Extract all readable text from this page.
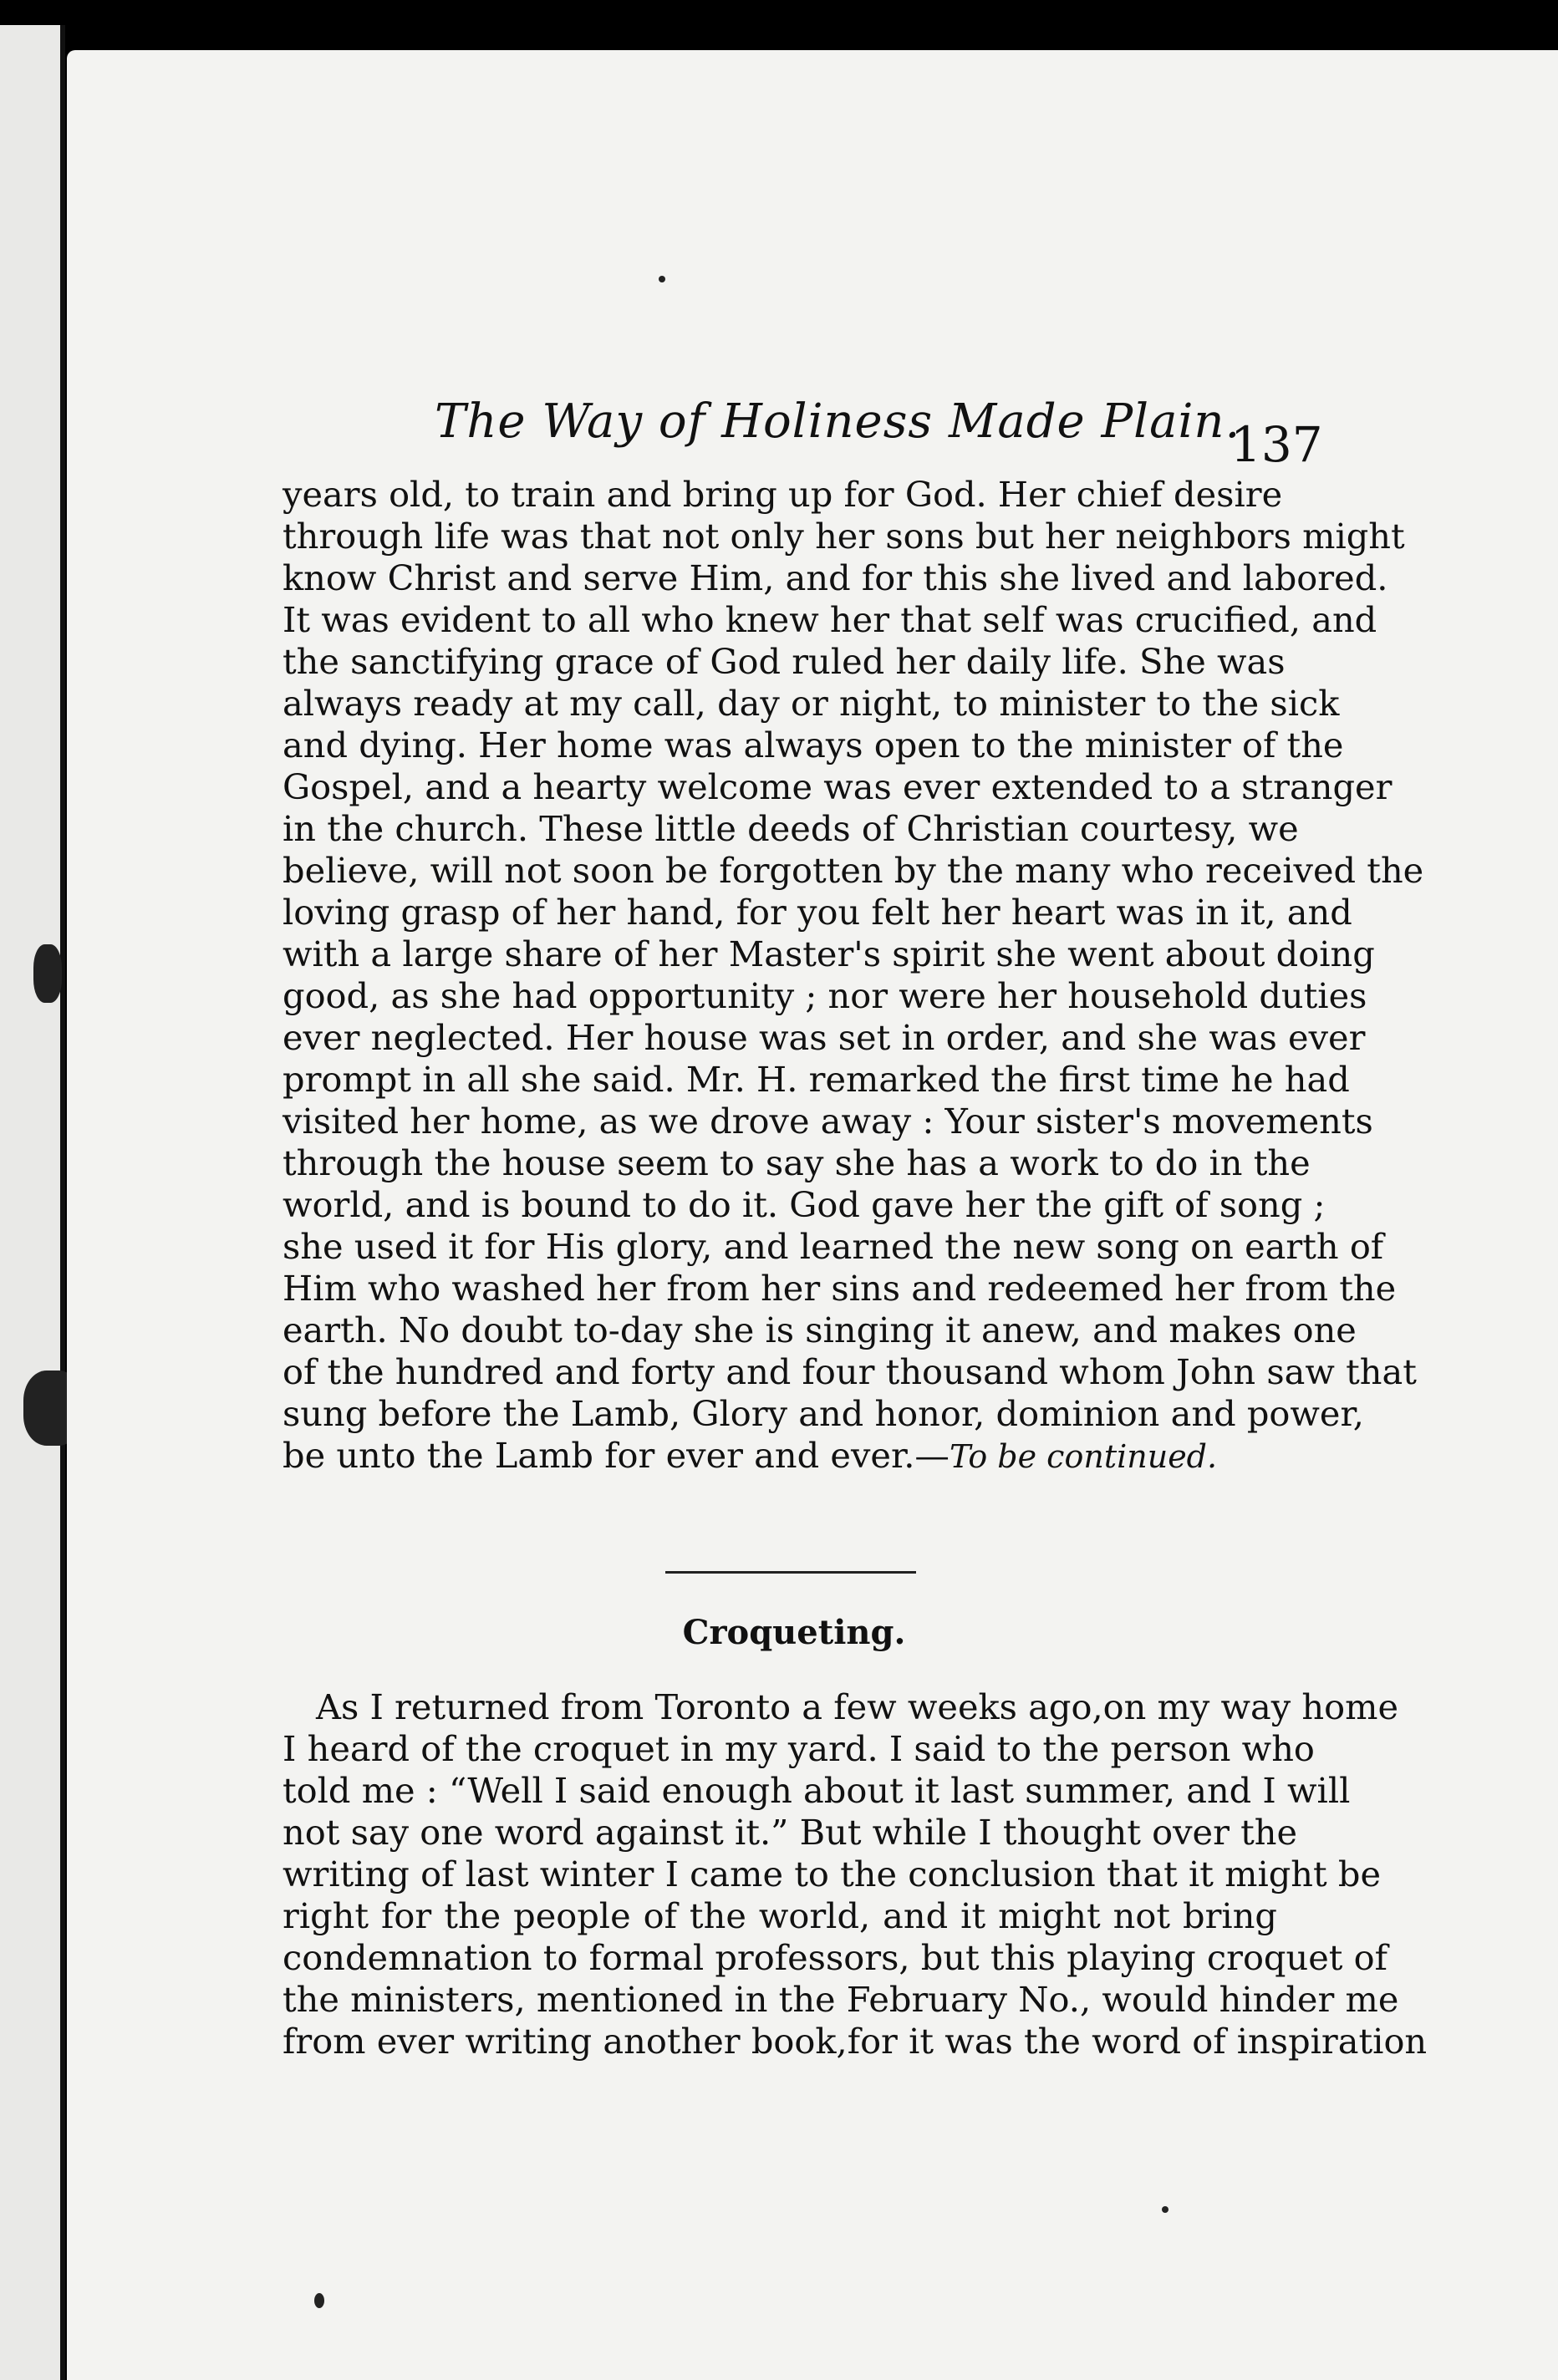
The Way of Holiness Made Plain.
137
years old, to train and bring up for God. Her chief desire
through life was that not only her sons but her neighbors might
know Christ and serve Him, and for this she lived and labored.
It was evident to all who knew her that self was crucified, and
the sanctifying grace of God ruled her daily life. She was
always ready at my call, day or night, to minister to the sick
and dying. Her home was always open to the minister of the
Gospel, and a hearty welcome was ever extended to a stranger
in the church. These little deeds of Christian courtesy, we
believe, will not soon be forgotten by the many who received the
loving grasp of her hand, for you felt her heart was in it, and
with a large share of her Master's spirit she went about doing
good, as she had opportunity ; nor were her household duties
ever neglected. Her house was set in order, and she was ever
prompt in all she said. Mr. H. remarked the first time he had
visited her home, as we drove away : Your sister's movements
through the house seem to say she has a work to do in the
world, and is bound to do it. God gave her the gift of song ;
she used it for His glory, and learned the new song on earth of
Him who washed her from her sins and redeemed her from the
earth. No doubt to-day she is singing it anew, and makes one
of the hundred and forty and four thousand whom John saw that
sung before the Lamb, Glory and honor, dominion and power,
be unto the Lamb for ever and ever.—To be continued.
Croqueting.
As I returned from Toronto a few weeks ago,on my way home
I heard of the croquet in my yard. I said to the person who
told me : “Well I said enough about it last summer, and I will
not say one word against it.” But while I thought over the
writing of last winter I came to the conclusion that it might be
right for the people of the world, and it might not bring
condemnation to formal professors, but this playing croquet of
the ministers, mentioned in the February No., would hinder me
from ever writing another book,for it was the word of inspiration
